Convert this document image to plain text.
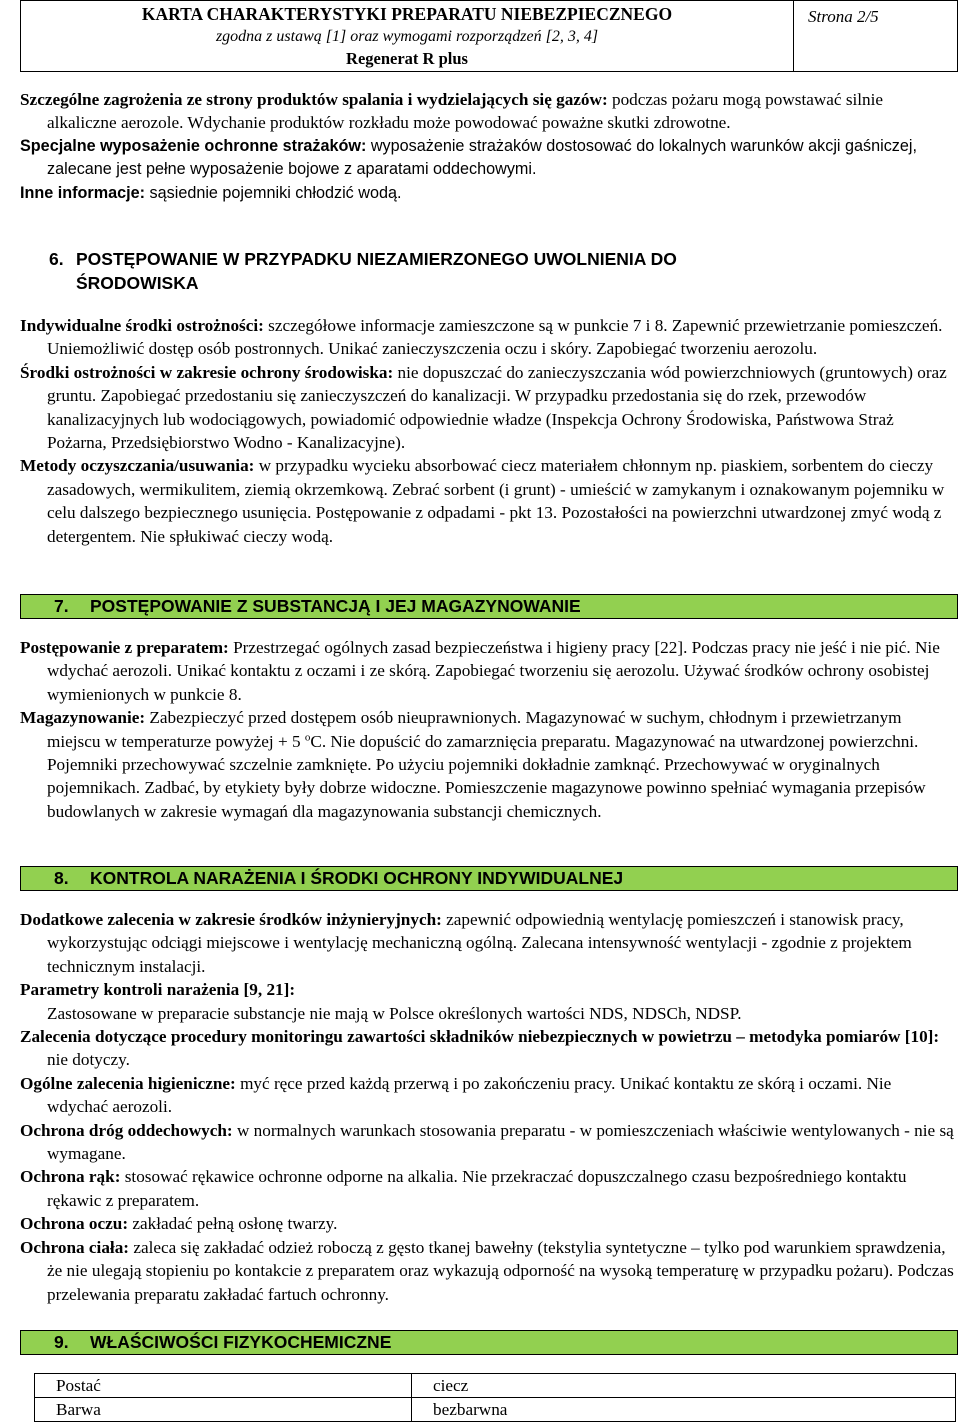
KARTA CHARAKTERYSTYKI PREPARATU NIEBEZPIECZNEGO
zgodna z ustawą [1] oraz wymogami rozporządzeń [2, 3, 4]
Regenerat R plus
	Strona 2/5

Szczególne zagrożenia ze strony produktów spalania i wydzielających się gazów: podczas pożaru mogą powstawać silnie alkaliczne aerozole. Wdychanie produktów rozkładu może powodować poważne skutki zdrowotne.

Specjalne wyposażenie ochronne strażaków: wyposażenie strażaków dostosować do lokalnych warunków akcji gaśniczej, zalecane jest pełne wyposażenie bojowe z aparatami oddechowymi.

Inne informacje: sąsiednie pojemniki chłodzić wodą.

6. POSTĘPOWANIE W PRZYPADKU NIEZAMIERZONEGO UWOLNIENIA DO
ŚRODOWISKA

Indywidualne środki ostrożności: szczegółowe informacje zamieszczone są w punkcie 7 i 8. Zapewnić przewietrzanie pomieszczeń. Uniemożliwić dostęp osób postronnych. Unikać zanieczyszczenia oczu i skóry. Zapobiegać tworzeniu aerozolu.

Środki ostrożności w zakresie ochrony środowiska: nie dopuszczać do zanieczyszczania wód powierzchniowych (gruntowych) oraz gruntu. Zapobiegać przedostaniu się zanieczyszczeń do kanalizacji. W przypadku przedostania się do rzek, przewodów kanalizacyjnych lub wodociągowych, powiadomić odpowiednie władze (Inspekcja Ochrony Środowiska, Państwowa Straż Pożarna, Przedsiębiorstwo Wodno - Kanalizacyjne).

Metody oczyszczania/usuwania: w przypadku wycieku absorbować ciecz materiałem chłonnym np. piaskiem, sorbentem do cieczy zasadowych, wermikulitem, ziemią okrzemkową. Zebrać sorbent (i grunt) - umieścić w zamykanym i oznakowanym pojemniku w celu dalszego bezpiecznego usunięcia. Postępowanie z odpadami - pkt 13. Pozostałości na powierzchni utwardzonej zmyć wodą z detergentem. Nie spłukiwać cieczy wodą.

7. POSTĘPOWANIE Z SUBSTANCJĄ I JEJ MAGAZYNOWANIE

Postępowanie z preparatem: Przestrzegać ogólnych zasad bezpieczeństwa i higieny pracy [22]. Podczas pracy nie jeść i nie pić. Nie wdychać aerozoli. Unikać kontaktu z oczami i ze skórą. Zapobiegać tworzeniu się aerozolu. Używać środków ochrony osobistej wymienionych w punkcie 8.

Magazynowanie: Zabezpieczyć przed dostępem osób nieuprawnionych. Magazynować w suchym, chłodnym i przewietrzanym miejscu w temperaturze powyżej + 5 $^o$C. Nie dopuścić do zamarznięcia preparatu. Magazynować na utwardzonej powierzchni. Pojemniki przechowywać szczelnie zamknięte. Po użyciu pojemniki dokładnie zamknąć. Przechowywać w oryginalnych pojemnikach. Zadbać, by etykiety były dobrze widoczne. Pomieszczenie magazynowe powinno spełniać wymagania przepisów budowlanych w zakresie wymagań dla magazynowania substancji chemicznych.

8. KONTROLA NARAŻENIA I ŚRODKI OCHRONY INDYWIDUALNEJ

Dodatkowe zalecenia w zakresie środków inżynieryjnych: zapewnić odpowiednią wentylację pomieszczeń i stanowisk pracy, wykorzystując odciągi miejscowe i wentylację mechaniczną ogólną. Zalecana intensywność wentylacji - zgodnie z projektem technicznym instalacji.

Parametry kontroli narażenia [9, 21]:

Zastosowane w preparacie substancje nie mają w Polsce określonych wartości NDS, NDSCh, NDSP.

Zalecenia dotyczące procedury monitoringu zawartości składników niebezpiecznych w powietrzu – metodyka pomiarów [10]: nie dotyczy.

Ogólne zalecenia higieniczne: myć ręce przed każdą przerwą i po zakończeniu pracy. Unikać kontaktu ze skórą i oczami. Nie wdychać aerozoli.

Ochrona dróg oddechowych: w normalnych warunkach stosowania preparatu - w pomieszczeniach właściwie wentylowanych - nie są wymagane.

Ochrona rąk: stosować rękawice ochronne odporne na alkalia. Nie przekraczać dopuszczalnego czasu bezpośredniego kontaktu rękawic z preparatem.

Ochrona oczu: zakładać pełną osłonę twarzy.

Ochrona ciała: zaleca się zakładać odzież roboczą z gęsto tkanej bawełny (tekstylia syntetyczne – tylko pod warunkiem sprawdzenia, że nie ulegają stopieniu po kontakcie z preparatem oraz wykazują odporność na wysoką temperaturę w przypadku pożaru). Podczas przelewania preparatu zakładać fartuch ochronny.

9. WŁAŚCIWOŚCI FIZYKOCHEMICZNE
Postać	ciecz
Barwa	bezbarwna
